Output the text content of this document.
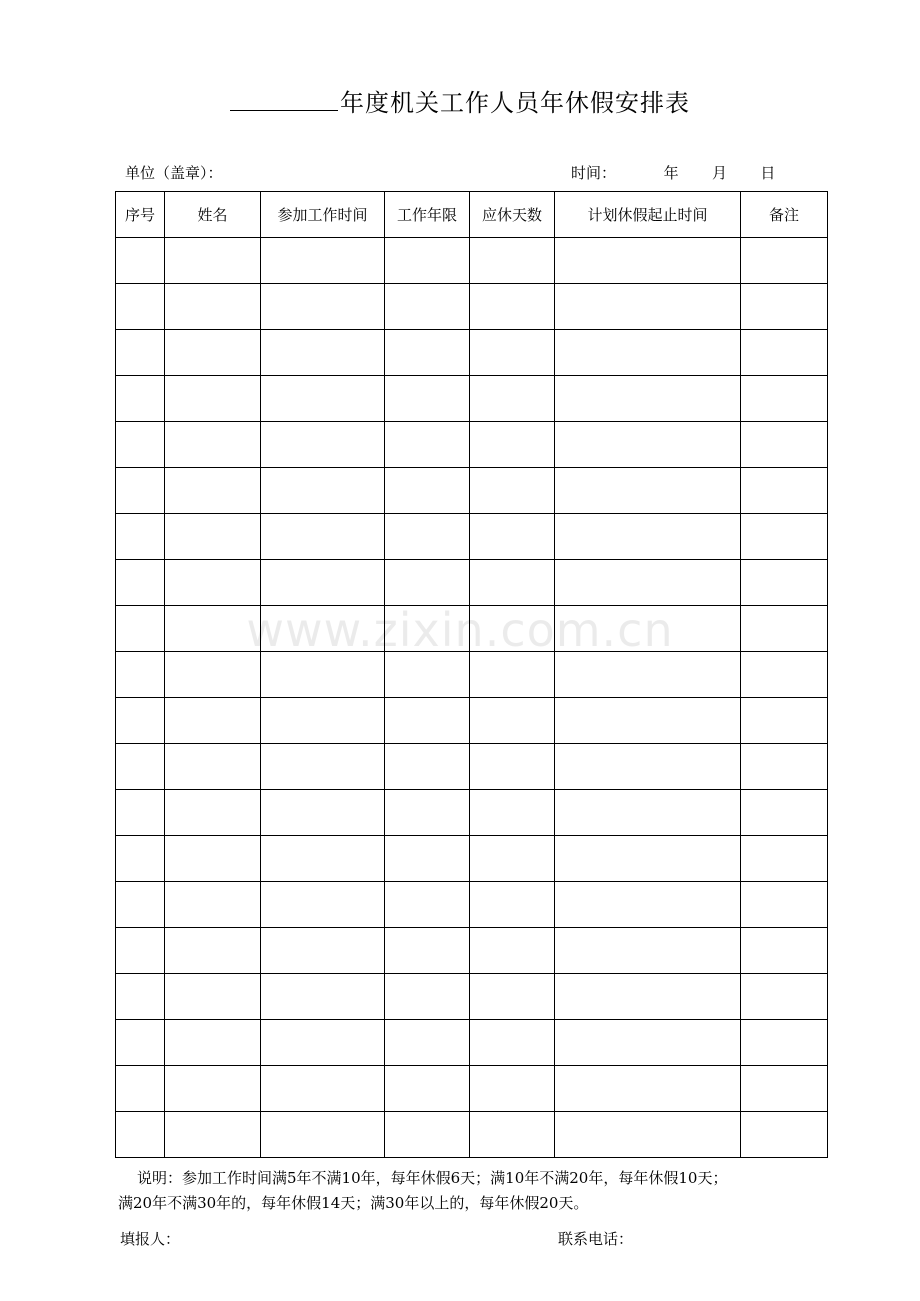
年度机关工作人员年休假安排表
单位（盖章）：	时间：          年       月       日
序号	姓名	参加工作时间	工作年限	应休天数	计划休假起止时间	备注

www.zixin.com.cn
说明：参加工作时间满5年不满10年，每年休假6天；满10年不满20年，每年休假10天；
满20年不满30年的，每年休假14天；满30年以上的，每年休假20天。
填报人：	联系电话：
